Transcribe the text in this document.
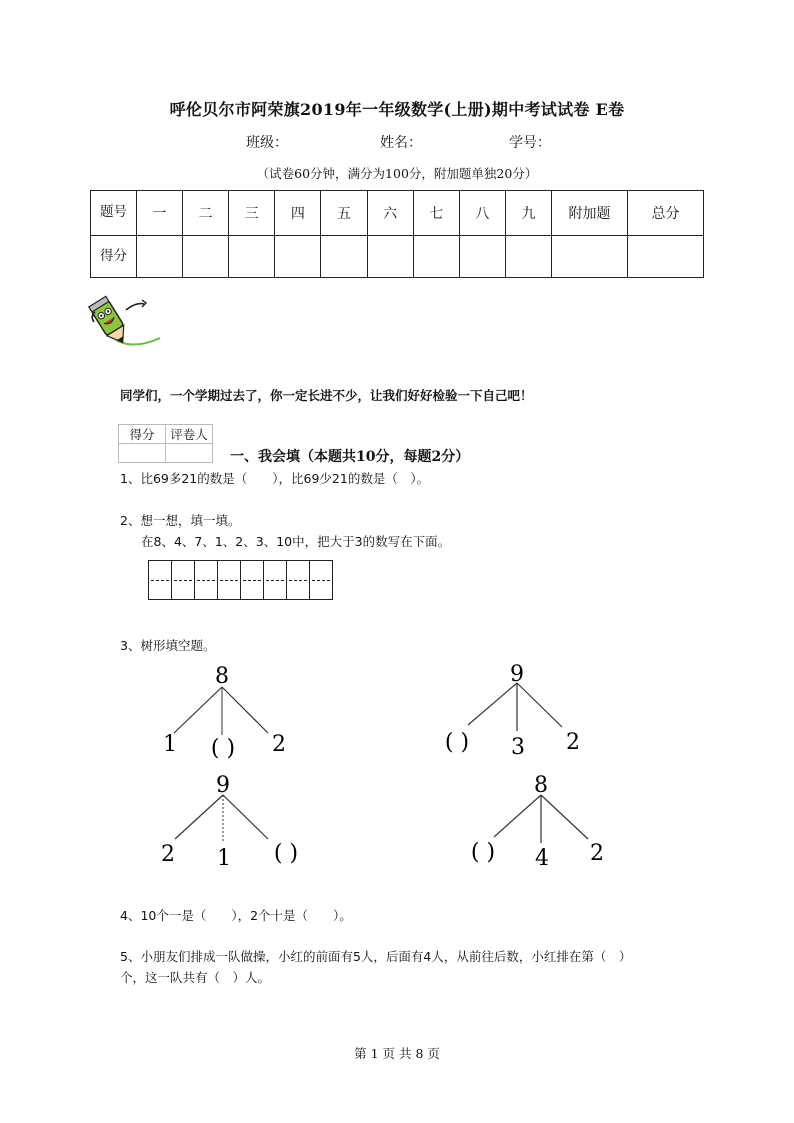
呼伦贝尔市阿荣旗2019年一年级数学(上册)期中考试试卷 E卷
班级：	姓名：	学号：
（试卷60分钟，满分为100分，附加题单独20分）
题号	一	二	三	四	五	六	七	八	九	附加题	总分
得分											
同学们，一个学期过去了，你一定长进不少，让我们好好检验一下自己吧！
得分	评卷人

一、我会填（本题共10分，每题2分）
1、比69多21的数是（　　），比69少21的数是（　）。
2、想一想，填一填。
在8、4、7、1、2、3、10中，把大于3的数写在下面。
3、树形填空题。
8
1 ( ) 2
9
( ) 3 2
9
2 1 ( )
8
( ) 4 2
4、10个一是（　　），2个十是（　　）。
5、小朋友们排成一队做操，小红的前面有5人，后面有4人，从前往后数，小红排在第（　）
个，这一队共有（　）人。
第 1 页 共 8 页
